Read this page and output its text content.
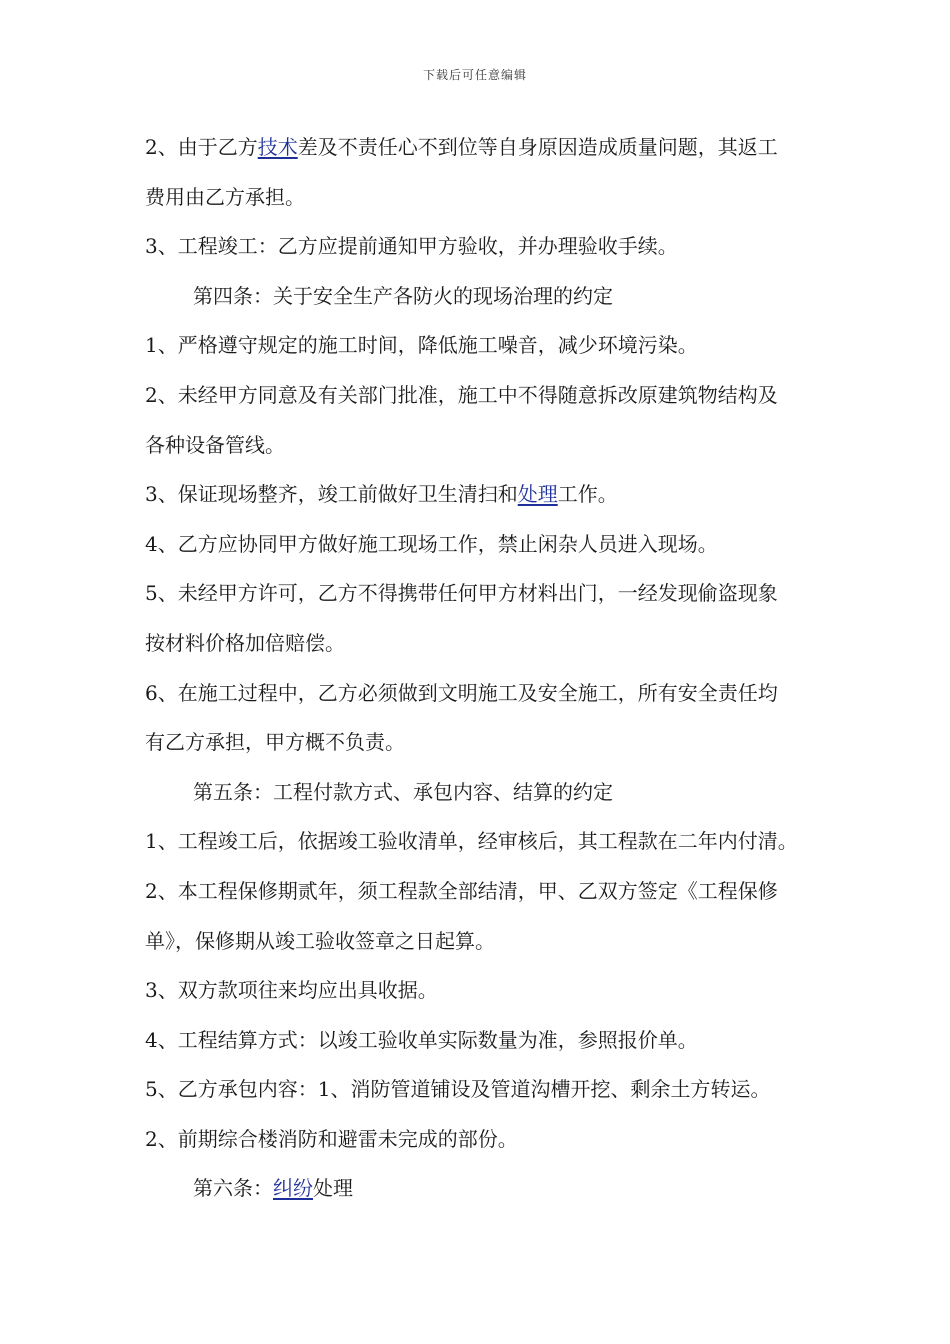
下载后可任意编辑
2、由于乙方技术差及不责任心不到位等自身原因造成质量问题，其返工
费用由乙方承担。
3、工程竣工：乙方应提前通知甲方验收，并办理验收手续。
第四条：关于安全生产各防火的现场治理的约定
1、严格遵守规定的施工时间，降低施工噪音，减少环境污染。
2、未经甲方同意及有关部门批准，施工中不得随意拆改原建筑物结构及
各种设备管线。
3、保证现场整齐，竣工前做好卫生清扫和处理工作。
4、乙方应协同甲方做好施工现场工作，禁止闲杂人员进入现场。
5、未经甲方许可，乙方不得携带任何甲方材料出门，一经发现偷盗现象
按材料价格加倍赔偿。
6、在施工过程中，乙方必须做到文明施工及安全施工，所有安全责任均
有乙方承担，甲方概不负责。
第五条：工程付款方式、承包内容、结算的约定
1、工程竣工后，依据竣工验收清单，经审核后，其工程款在二年内付清。
2、本工程保修期贰年，须工程款全部结清，甲、乙双方签定《工程保修
单》，保修期从竣工验收签章之日起算。
3、双方款项往来均应出具收据。
4、工程结算方式：以竣工验收单实际数量为准，参照报价单。
5、乙方承包内容：1、消防管道铺设及管道沟槽开挖、剩余土方转运。
2、前期综合楼消防和避雷未完成的部份。
第六条：纠纷处理
